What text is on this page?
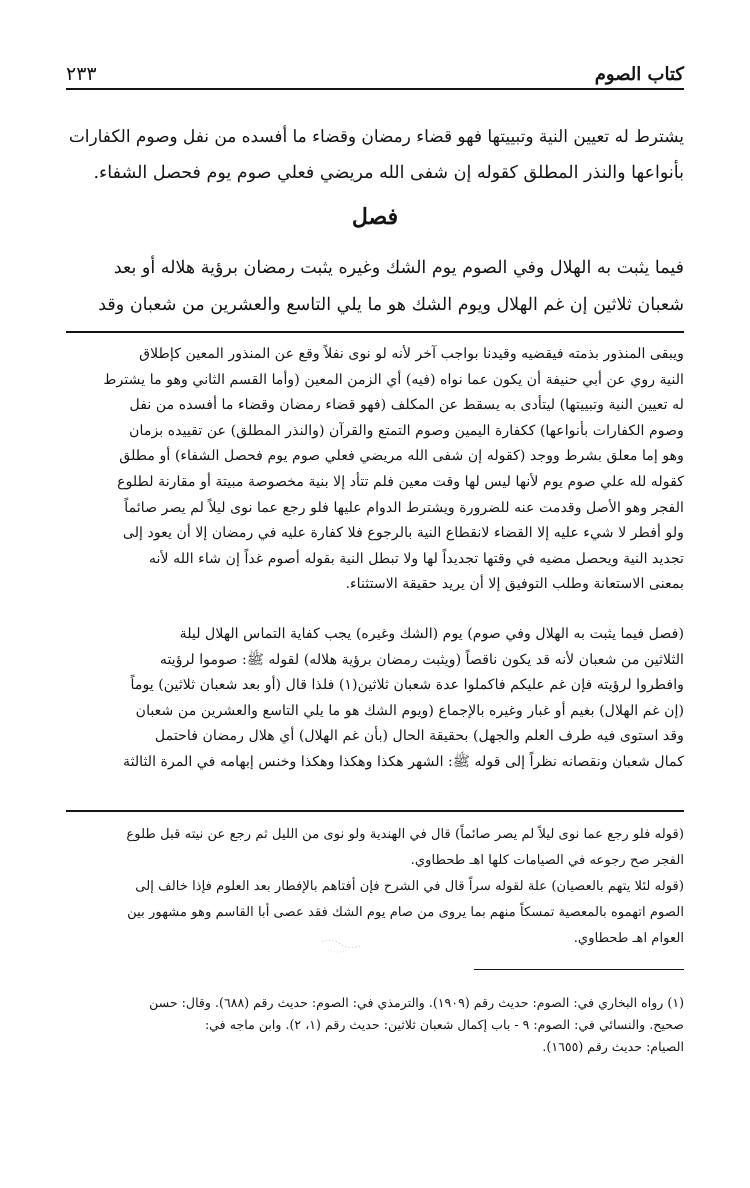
٢٣٣	كتاب الصوم
يشترط له تعيين النية وتبييتها فهو قضاء رمضان وقضاء ما أفسده من نفل وصوم الكفارات
بأنواعها والنذر المطلق كقوله إن شفى الله مريضي فعلي صوم يوم فحصل الشفاء.
فصل
فيما يثبت به الهلال وفي الصوم يوم الشك وغيره يثبت رمضان برؤية هلاله أو بعد
شعبان ثلاثين إن غم الهلال ويوم الشك هو ما يلي التاسع والعشرين من شعبان وقد
ويبقى المنذور بذمته فيقضيه وقيدنا بواجب آخر لأنه لو نوى نفلاً وقع عن المنذور المعين كإطلاق
النية روي عن أبي حنيفة أن يكون عما نواه (فيه) أي الزمن المعين (وأما القسم الثاني وهو ما يشترط
له تعيين النية وتبييتها) ليتأدى به يسقط عن المكلف (فهو قضاء رمضان وقضاء ما أفسده من نفل
وصوم الكفارات بأنواعها) ككفارة اليمين وصوم التمتع والقرآن (والنذر المطلق) عن تقييده بزمان
وهو إما معلق بشرط ووجد (كقوله إن شفى الله مريضي فعلي صوم يوم فحصل الشفاء) أو مطلق
كقوله لله علي صوم يوم لأنها ليس لها وقت معين فلم تتأد إلا بنية مخصوصة مبيتة أو مقارنة لطلوع
الفجر وهو الأصل وقدمت عنه للضرورة ويشترط الدوام عليها فلو رجع عما نوى ليلاً لم يصر صائماً
ولو أفطر لا شيء عليه إلا القضاء لانقطاع النية بالرجوع فلا كفارة عليه في رمضان إلا أن يعود إلى
تجديد النية ويحصل مضيه في وقتها تجديداً لها ولا تبطل النية بقوله أصوم غداً إن شاء الله لأنه
بمعنى الاستعانة وطلب التوفيق إلا أن يريد حقيقة الاستثناء.
(فصل فيما يثبت به الهلال وفي صوم) يوم (الشك وغيره) يجب كفاية التماس الهلال ليلة
الثلاثين من شعبان لأنه قد يكون ناقصاً (ويثبت رمضان برؤية هلاله) لقوله ﷺ: صوموا لرؤيته
وافطروا لرؤيته فإن غم عليكم فاكملوا عدة شعبان ثلاثين(١) فلذا قال (أو بعد شعبان ثلاثين) يوماً
(إن غم الهلال) بغيم أو غبار وغيره بالإجماع (ويوم الشك هو ما يلي التاسع والعشرين من شعبان
وقد استوى فيه طرف العلم والجهل) بحقيقة الحال (بأن غم الهلال) أي هلال رمضان فاحتمل
كمال شعبان ونقصانه نظراً إلى قوله ﷺ: الشهر هكذا وهكذا وهكذا وخنس إبهامه في المرة الثالثة

(قوله فلو رجع عما نوى ليلاً لم يصر صائماً) قال في الهندية ولو نوى من الليل ثم رجع عن نيته قبل طلوع
الفجر صح رجوعه في الصيامات كلها اهـ طحطاوي.

(قوله لئلا يتهم بالعصيان) علة لقوله سراً قال في الشرح فإن أفتاهم بالإفطار بعد العلوم فإذا خالف إلى
الصوم اتهموه بالمعصية تمسكاً منهم بما يروى من صام يوم الشك فقد عصى أبا القاسم وهو مشهور بين
العوام اهـ طحطاوي.

(١) رواه البخاري في: الصوم: حديث رقم (١٩٠٩). والترمذي في: الصوم: حديث رقم (٦٨٨). وقال: حسن
صحيح. والنسائي في: الصوم: ٩ - باب إكمال شعبان ثلاثين: حديث رقم (١، ٢). وابن ماجه في:
الصيام: حديث رقم (١٦٥٥).
